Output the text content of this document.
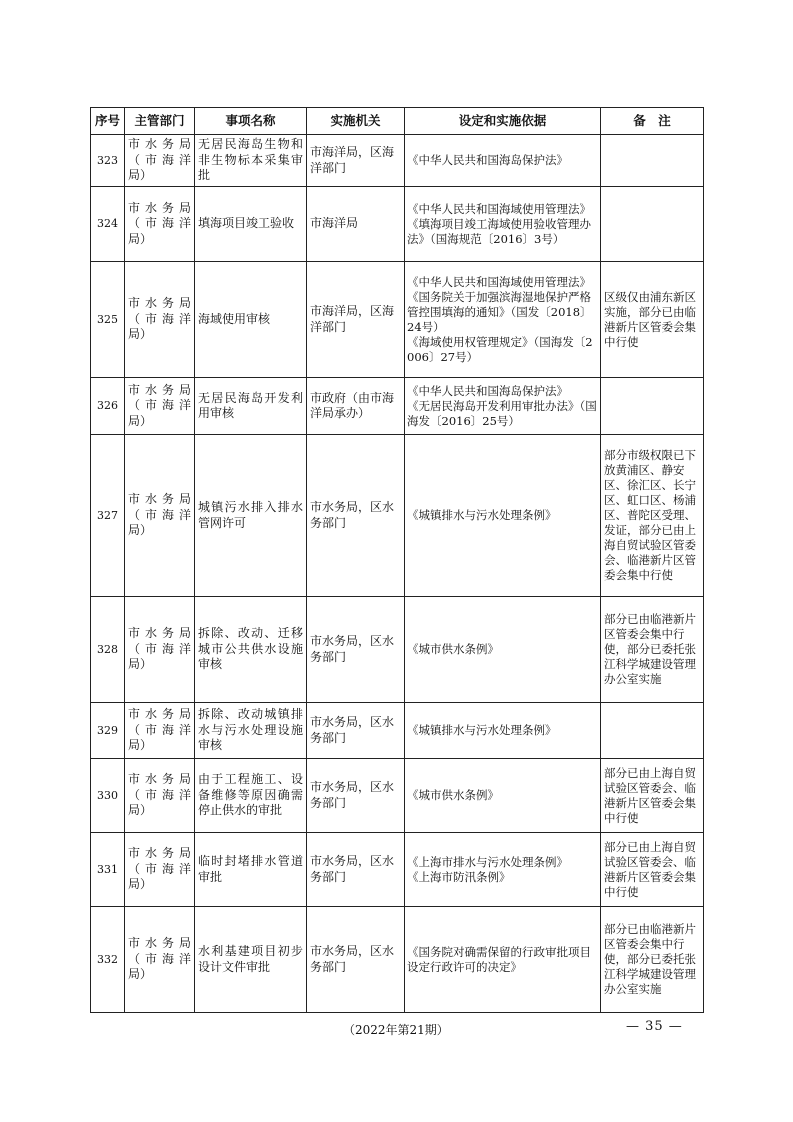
序号	主管部门	事项名称	实施机关	设定和实施依据	备　注
323	市水务局（市海洋局）	无居民海岛生物和非生物标本采集审批	市海洋局，区海洋部门	《中华人民共和国海岛保护法》	
324	市水务局（市海洋局）	填海项目竣工验收	市海洋局	《中华人民共和国海域使用管理法》
《填海项目竣工海域使用验收管理办法》（国海规范〔2016〕3号）	
325	市水务局（市海洋局）	海域使用审核	市海洋局，区海洋部门	《中华人民共和国海域使用管理法》
《国务院关于加强滨海湿地保护严格管控围填海的通知》（国发〔2018〕24号）
《海域使用权管理规定》（国海发〔2006〕27号）	区级仅由浦东新区实施，部分已由临港新片区管委会集中行使
326	市水务局（市海洋局）	无居民海岛开发利用审核	市政府（由市海洋局承办）	《中华人民共和国海岛保护法》
《无居民海岛开发利用审批办法》（国海发〔2016〕25号）	
327	市水务局（市海洋局）	城镇污水排入排水管网许可	市水务局，区水务部门	《城镇排水与污水处理条例》	部分市级权限已下放黄浦区、静安区、徐汇区、长宁区、虹口区、杨浦区、普陀区受理、发证，部分已由上海自贸试验区管委会、临港新片区管委会集中行使
328	市水务局（市海洋局）	拆除、改动、迁移城市公共供水设施审核	市水务局，区水务部门	《城市供水条例》	部分已由临港新片区管委会集中行使，部分已委托张江科学城建设管理办公室实施
329	市水务局（市海洋局）	拆除、改动城镇排水与污水处理设施审核	市水务局，区水务部门	《城镇排水与污水处理条例》	
330	市水务局（市海洋局）	由于工程施工、设备维修等原因确需停止供水的审批	市水务局，区水务部门	《城市供水条例》	部分已由上海自贸试验区管委会、临港新片区管委会集中行使
331	市水务局（市海洋局）	临时封堵排水管道审批	市水务局，区水务部门	《上海市排水与污水处理条例》
《上海市防汛条例》	部分已由上海自贸试验区管委会、临港新片区管委会集中行使
332	市水务局（市海洋局）	水利基建项目初步设计文件审批	市水务局，区水务部门	《国务院对确需保留的行政审批项目设定行政许可的决定》	部分已由临港新片区管委会集中行使，部分已委托张江科学城建设管理办公室实施
（2022年第21期）	— 35 —
